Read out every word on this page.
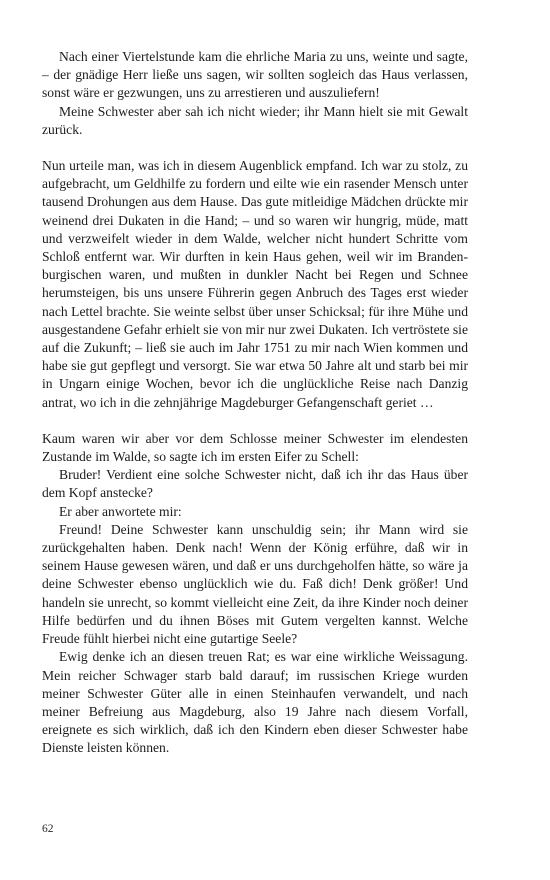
Nach einer Viertelstunde kam die ehrliche Maria zu uns, weinte und sagte, – der gnädige Herr ließe uns sagen, wir sollten sogleich das Haus verlassen, sonst wäre er gezwungen, uns zu arrestieren und auszuliefern!

Meine Schwester aber sah ich nicht wieder; ihr Mann hielt sie mit Gewalt zurück.

Nun urteile man, was ich in diesem Augenblick empfand. Ich war zu stolz, zu aufgebracht, um Geldhilfe zu fordern und eilte wie ein rasender Mensch unter tausend Drohungen aus dem Hause. Das gute mitleidige Mädchen drückte mir weinend drei Dukaten in die Hand; – und so waren wir hungrig, müde, matt und verzweifelt wieder in dem Walde, welcher nicht hundert Schritte vom Schloß entfernt war. Wir durften in kein Haus gehen, weil wir im Brandenburgischen waren, und mußten in dunkler Nacht bei Regen und Schnee herumsteigen, bis uns unsere Führerin gegen Anbruch des Tages erst wieder nach Lettel brachte. Sie weinte selbst über unser Schicksal; für ihre Mühe und ausgestandene Gefahr erhielt sie von mir nur zwei Dukaten. Ich vertröstete sie auf die Zukunft; – ließ sie auch im Jahr 1751 zu mir nach Wien kommen und habe sie gut gepflegt und versorgt. Sie war etwa 50 Jahre alt und starb bei mir in Ungarn einige Wochen, bevor ich die unglückliche Reise nach Danzig antrat, wo ich in die zehnjährige Magdeburger Gefangenschaft geriet …

Kaum waren wir aber vor dem Schlosse meiner Schwester im elendesten Zustande im Walde, so sagte ich im ersten Eifer zu Schell:

Bruder! Verdient eine solche Schwester nicht, daß ich ihr das Haus über dem Kopf anstecke?

Er aber anwortete mir:

Freund! Deine Schwester kann unschuldig sein; ihr Mann wird sie zurückgehalten haben. Denk nach! Wenn der König erführe, daß wir in seinem Hause gewesen wären, und daß er uns durchgeholfen hätte, so wäre ja deine Schwester ebenso unglücklich wie du. Faß dich! Denk größer! Und handeln sie unrecht, so kommt vielleicht eine Zeit, da ihre Kinder noch deiner Hilfe bedürfen und du ihnen Böses mit Gutem vergelten kannst. Welche Freude fühlt hierbei nicht eine gutartige Seele?

Ewig denke ich an diesen treuen Rat; es war eine wirkliche Weissagung. Mein reicher Schwager starb bald darauf; im russischen Kriege wurden meiner Schwester Güter alle in einen Steinhaufen verwandelt, und nach meiner Befreiung aus Magdeburg, also 19 Jahre nach diesem Vorfall, ereignete es sich wirklich, daß ich den Kindern eben dieser Schwester habe Dienste leisten können.

62
